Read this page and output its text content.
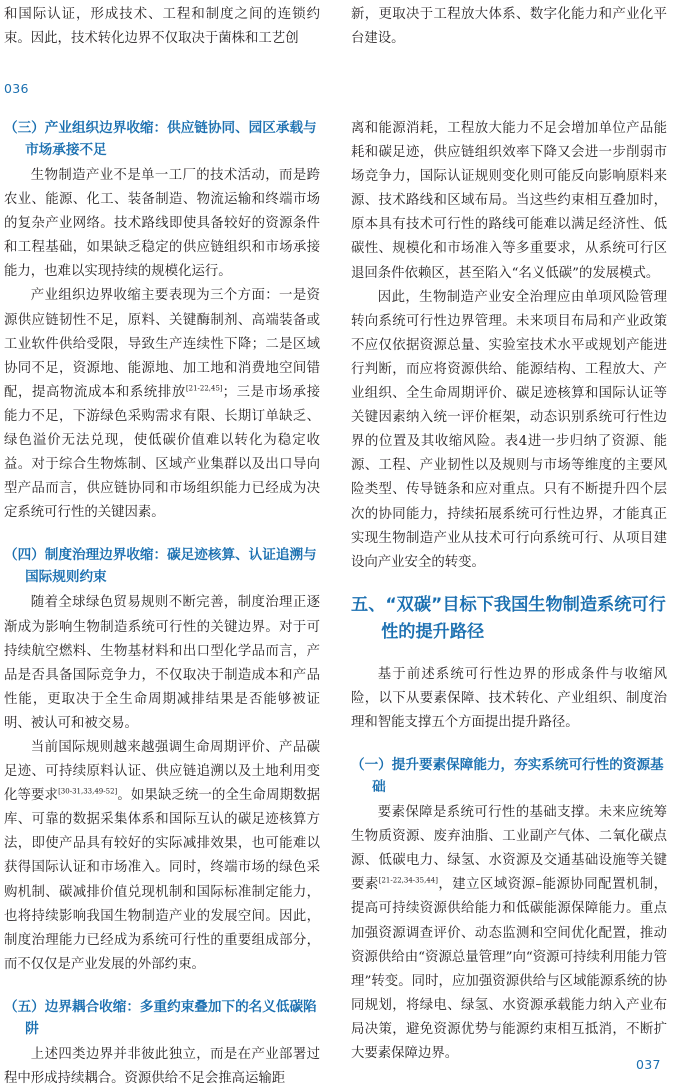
036
037
和国际认证，形成技术、工程和制度之间的连锁约束。因此，技术转化边界不仅取决于菌株和工艺创
新，更取决于工程放大体系、数字化能力和产业化平台建设。
（三）产业组织边界收缩：供应链协同、园区承载与市场承接不足

生物制造产业不是单一工厂的技术活动，而是跨农业、能源、化工、装备制造、物流运输和终端市场的复杂产业网络。技术路线即使具备较好的资源条件和工程基础，如果缺乏稳定的供应链组织和市场承接能力，也难以实现持续的规模化运行。

产业组织边界收缩主要表现为三个方面：一是资源供应链韧性不足，原料、关键酶制剂、高端装备或工业软件供给受限，导致生产连续性下降；二是区域协同不足，资源地、能源地、加工地和消费地空间错配，提高物流成本和系统排放[21-22,45]；三是市场承接能力不足，下游绿色采购需求有限、长期订单缺乏、绿色溢价无法兑现，使低碳价值难以转化为稳定收益。对于综合生物炼制、区域产业集群以及出口导向型产品而言，供应链协同和市场组织能力已经成为决定系统可行性的关键因素。

（四）制度治理边界收缩：碳足迹核算、认证追溯与国际规则约束

随着全球绿色贸易规则不断完善，制度治理正逐渐成为影响生物制造系统可行性的关键边界。对于可持续航空燃料、生物基材料和出口型化学品而言，产品是否具备国际竞争力，不仅取决于制造成本和产品性能，更取决于全生命周期减排结果是否能够被证明、被认可和被交易。

当前国际规则越来越强调生命周期评价、产品碳足迹、可持续原料认证、供应链追溯以及土地利用变化等要求[30-31,33,49-52]。如果缺乏统一的全生命周期数据库、可靠的数据采集体系和国际互认的碳足迹核算方法，即使产品具有较好的实际减排效果，也可能难以获得国际认证和市场准入。同时，终端市场的绿色采购机制、碳减排价值兑现机制和国际标准制定能力，也将持续影响我国生物制造产业的发展空间。因此，制度治理能力已经成为系统可行性的重要组成部分，而不仅仅是产业发展的外部约束。

（五）边界耦合收缩：多重约束叠加下的名义低碳陷阱

上述四类边界并非彼此独立，而是在产业部署过程中形成持续耦合。资源供给不足会推高运输距

离和能源消耗，工程放大能力不足会增加单位产品能耗和碳足迹，供应链组织效率下降又会进一步削弱市场竞争力，国际认证规则变化则可能反向影响原料来源、技术路线和区域布局。当这些约束相互叠加时，原本具有技术可行性的路线可能难以满足经济性、低碳性、规模化和市场准入等多重要求，从系统可行区退回条件依赖区，甚至陷入“名义低碳”的发展模式。

因此，生物制造产业安全治理应由单项风险管理转向系统可行性边界管理。未来项目布局和产业政策不应仅依据资源总量、实验室技术水平或规划产能进行判断，而应将资源供给、能源结构、工程放大、产业组织、全生命周期评价、碳足迹核算和国际认证等关键因素纳入统一评价框架，动态识别系统可行性边界的位置及其收缩风险。表4进一步归纳了资源、能源、工程、产业韧性以及规则与市场等维度的主要风险类型、传导链条和应对重点。只有不断提升四个层次的协同能力，持续拓展系统可行性边界，才能真正实现生物制造产业从技术可行向系统可行、从项目建设向产业安全的转变。

五、“双碳”目标下我国生物制造系统可行性的提升路径

基于前述系统可行性边界的形成条件与收缩风险，以下从要素保障、技术转化、产业组织、制度治理和智能支撑五个方面提出提升路径。

（一）提升要素保障能力，夯实系统可行性的资源基础

要素保障是系统可行性的基础支撑。未来应统筹生物质资源、废弃油脂、工业副产气体、二氧化碳点源、低碳电力、绿氢、水资源及交通基础设施等关键要素[21-22,34-35,44]，建立区域资源–能源协同配置机制，提高可持续资源供给能力和低碳能源保障能力。重点加强资源调查评价、动态监测和空间优化配置，推动资源供给由“资源总量管理”向“资源可持续利用能力管理”转变。同时，应加强资源供给与区域能源系统的协同规划，将绿电、绿氢、水资源承载能力纳入产业布局决策，避免资源优势与能源约束相互抵消，不断扩大要素保障边界。
